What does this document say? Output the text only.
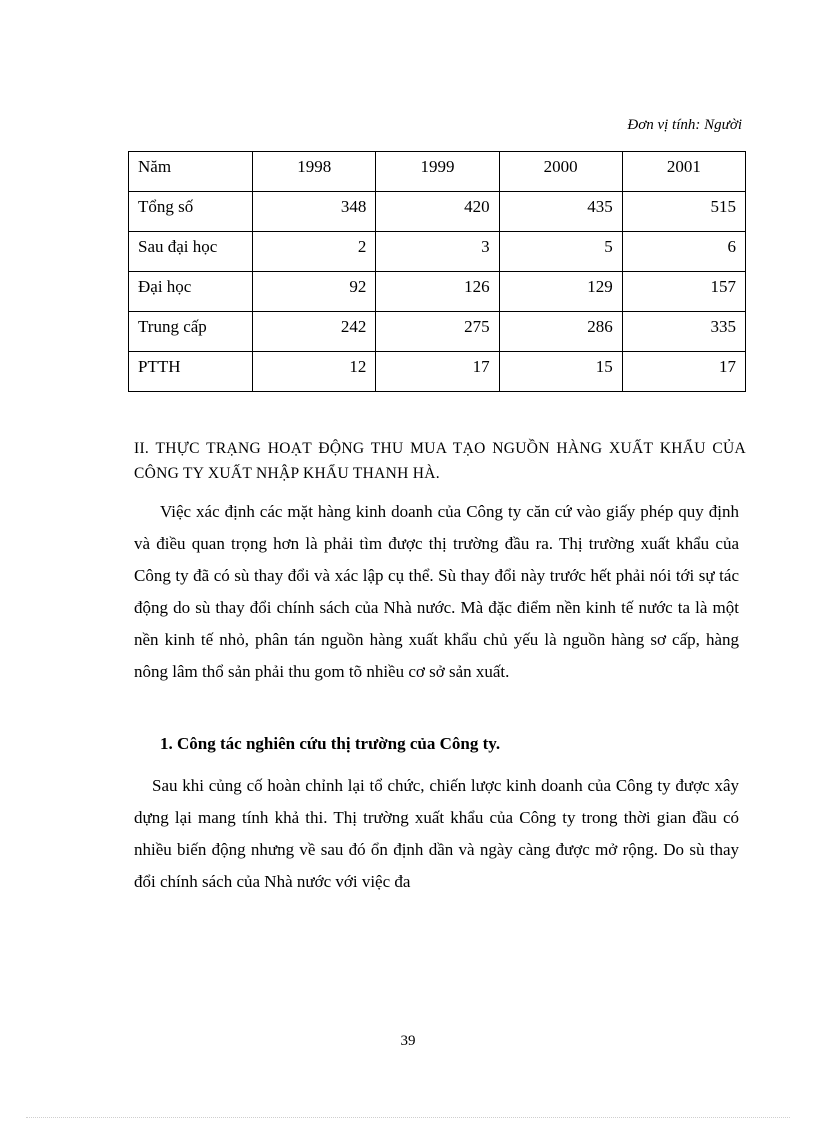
Đơn vị tính: Người
Năm	1998	1999	2000	2001
Tổng số	348	420	435	515
Sau đại học	2	3	5	6
Đại học	92	126	129	157
Trung cấp	242	275	286	335
PTTH	12	17	15	17
II. THỰC TRẠNG HOẠT ĐỘNG THU MUA TẠO NGUỒN HÀNG XUẤT KHẨU CỦA CÔNG TY XUẤT NHẬP KHẨU THANH HÀ.

Việc xác định các mặt hàng kinh doanh của Công ty căn cứ vào giấy phép quy định và điều quan trọng hơn là phải tìm được thị trường đầu ra. Thị trường xuất khẩu của Công ty đã có sù thay đổi và xác lập cụ thể. Sù thay đổi này trước hết phải nói tới sự tác động do sù thay đổi chính sách của Nhà nước. Mà đặc điểm nền kinh tế nước ta là một nền kinh tế nhỏ, phân tán nguồn hàng xuất khẩu chủ yếu là nguồn hàng sơ cấp, hàng nông lâm thổ sản phải thu gom tõ nhiều cơ sở sản xuất.

1. Công tác nghiên cứu thị trường của Công ty.

Sau khi củng cố hoàn chỉnh lại tổ chức, chiến lược kinh doanh của Công ty được xây dựng lại mang tính khả thi. Thị trường xuất khẩu của Công ty trong thời gian đầu có nhiều biến động nhưng về sau đó ổn định dần và ngày càng được mở rộng. Do sù thay đổi chính sách của Nhà nước với việc đa

39
